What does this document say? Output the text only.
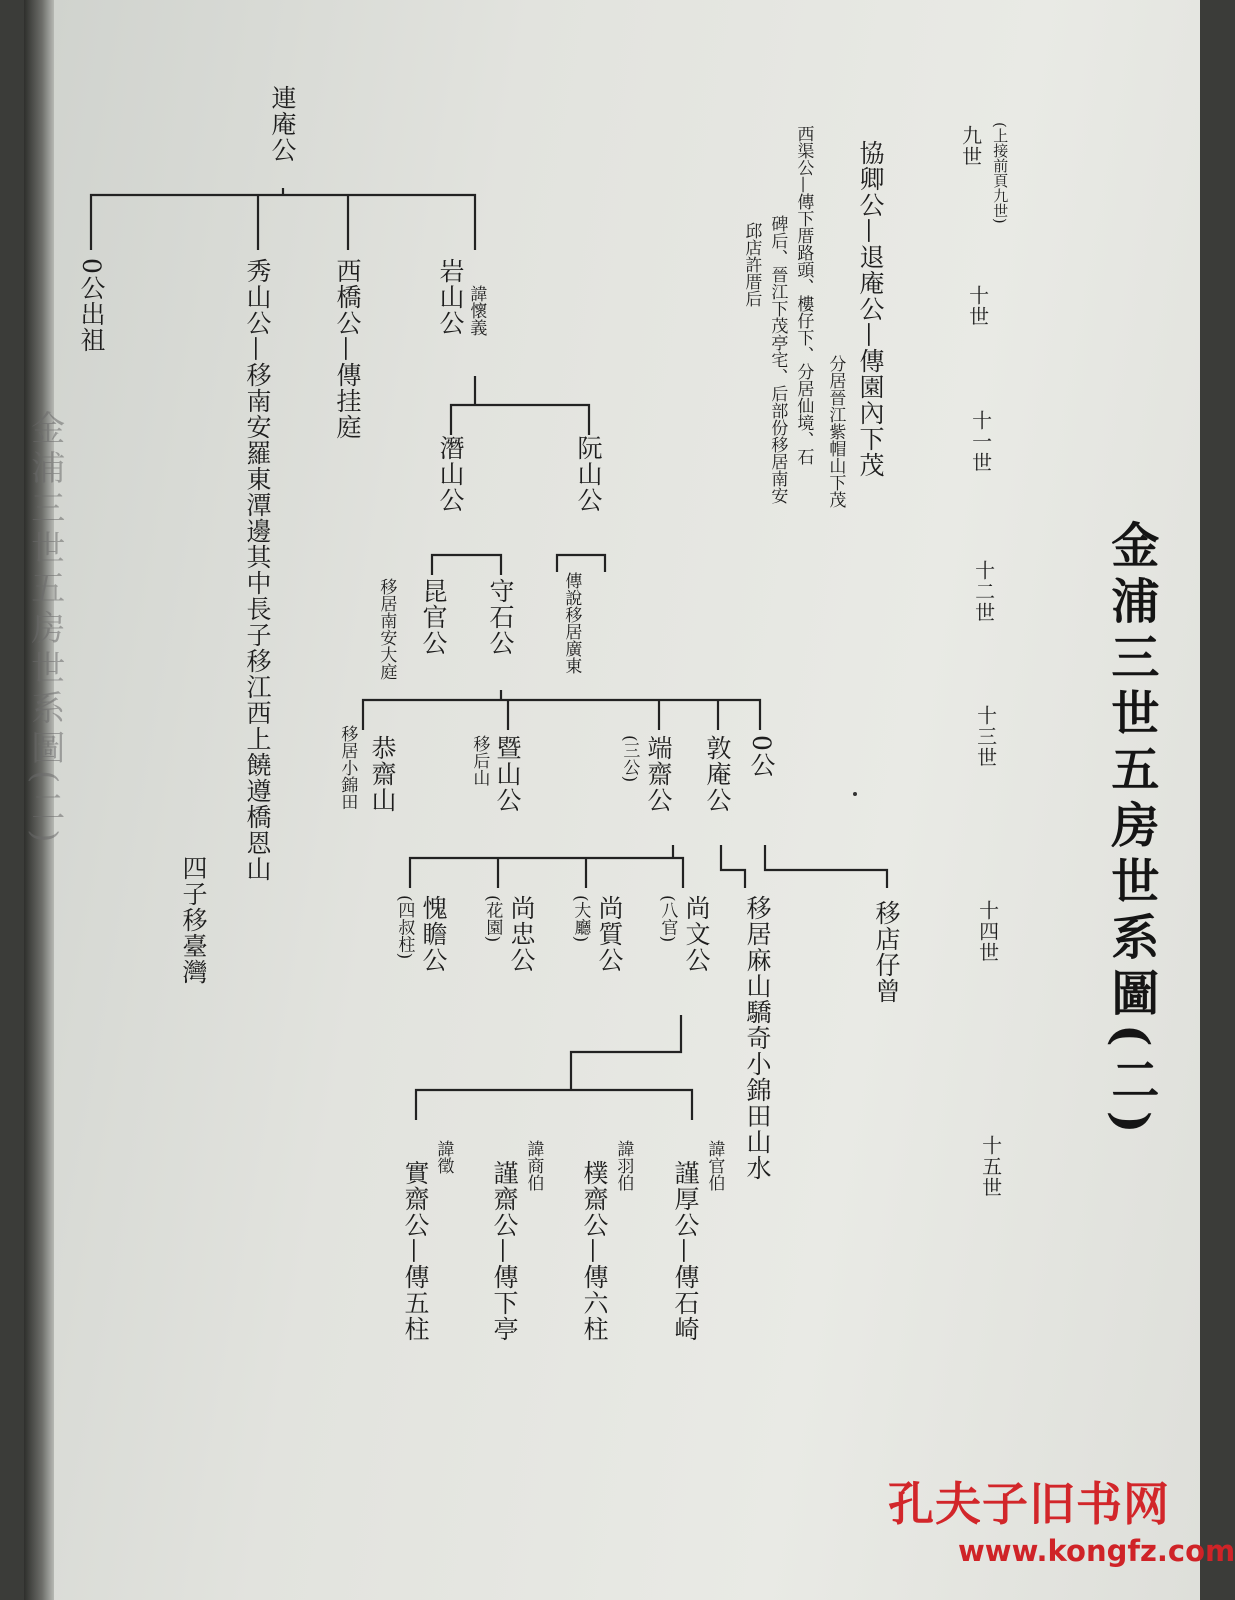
金浦三世五房世系圖(二)	金浦三世五房世系圖(二)
(上接前頁九世)
九世
十世
十一世
十二世
十三世
十四世
十五世
協卿公—退庵公—傳園內下茂
分居晉江紫帽山下茂
西渠公—傳下厝路頭、樓仔下、分居仙境、石
碑后、晉江下茂亭宅、后部份移居南安
邱店許厝后
連庵公
0公出祖	秀山公—移南安羅東潭邊其中長子移江西上饒遵橋恩山
四子移臺灣
西橋公—傳挂庭	岩山公 諱懷義
潛山公	阮山公
昆官公
移居南安大庭	守石公	傳說移居廣東
恭齋山
移居小錦田	暨山公
移后山	端齋公
(三公)	敦庵公 0公
移居麻山驕奇小錦田山水	移店仔曾
愧瞻公
(四叔柱)	尚忠公
(花園)	尚質公
(大廳)	尚文公
(八官)
實齋公—傳五柱
諱徵
謹齋公—傳下亭 諱商伯 樸齋公—傳六柱 諱羽伯 謹厚公—傳石崎 諱官伯
孔夫子旧书网
www.kongfz.com
